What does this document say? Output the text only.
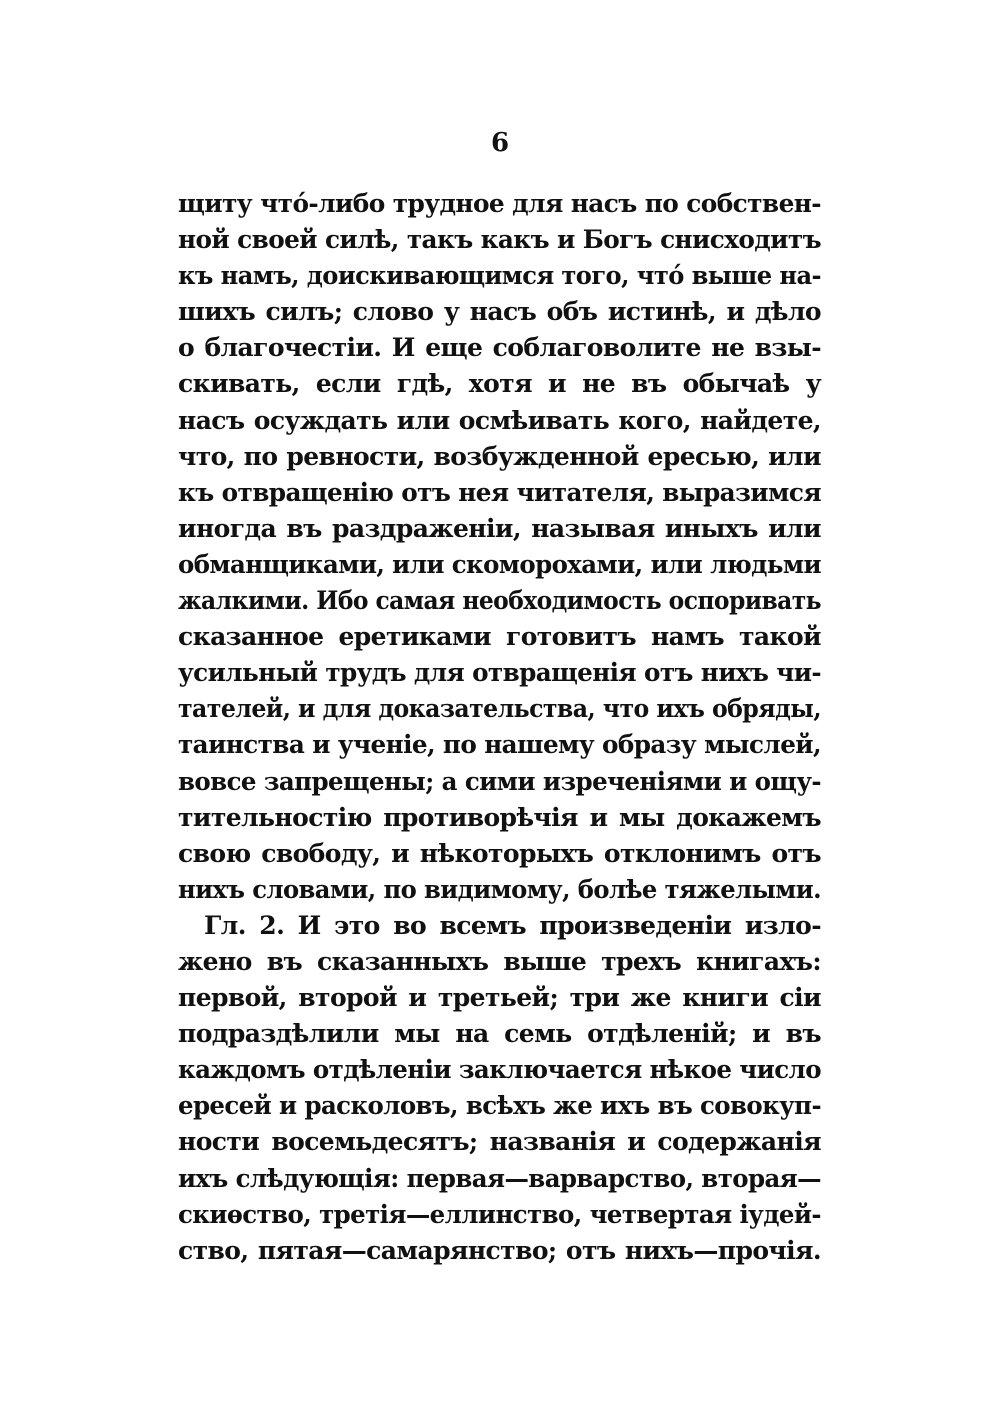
6
щиту что́-либо трудное для насъ по собствен-
ной своей силѣ, такъ какъ и Богъ снисходитъ
къ намъ, доискивающимся того, что́ выше на-
шихъ силъ; слово у насъ объ истинѣ, и дѣло
о благочестіи. И еще соблаговолите не взы-
скивать, если гдѣ, хотя и не въ обычаѣ у
насъ осуждать или осмѣивать кого, найдете,
что, по ревности, возбужденной ересью, или
къ отвращенію отъ нея читателя, выразимся
иногда въ раздраженіи, называя иныхъ или
обманщиками, или скоморохами, или людьми
жалкими. Ибо самая необходимость оспоривать
сказанное еретиками готовитъ намъ такой
усильный трудъ для отвращенія отъ нихъ чи-
тателей, и для доказательства, что ихъ обряды,
таинства и ученіе, по нашему образу мыслей,
вовсе запрещены; а сими изреченіями и ощу-
тительностію противорѣчія и мы докажемъ
свою свободу, и нѣкоторыхъ отклонимъ отъ
нихъ словами, по видимому, болѣе тяжелыми.
Гл. 2. И это во всемъ произведеніи изло-
жено въ сказанныхъ выше трехъ книгахъ:
первой, второй и третьей; три же книги сіи
подраздѣлили мы на семь отдѣленій; и въ
каждомъ отдѣленіи заключается нѣкое число
ересей и расколовъ, всѣхъ же ихъ въ совокуп-
ности восемьдесятъ; названія и содержанія
ихъ слѣдующія: первая—варварство, вторая—
скиѳство, третія—еллинство, четвертая іудей-
ство, пятая—самарянство; отъ нихъ—прочія.
